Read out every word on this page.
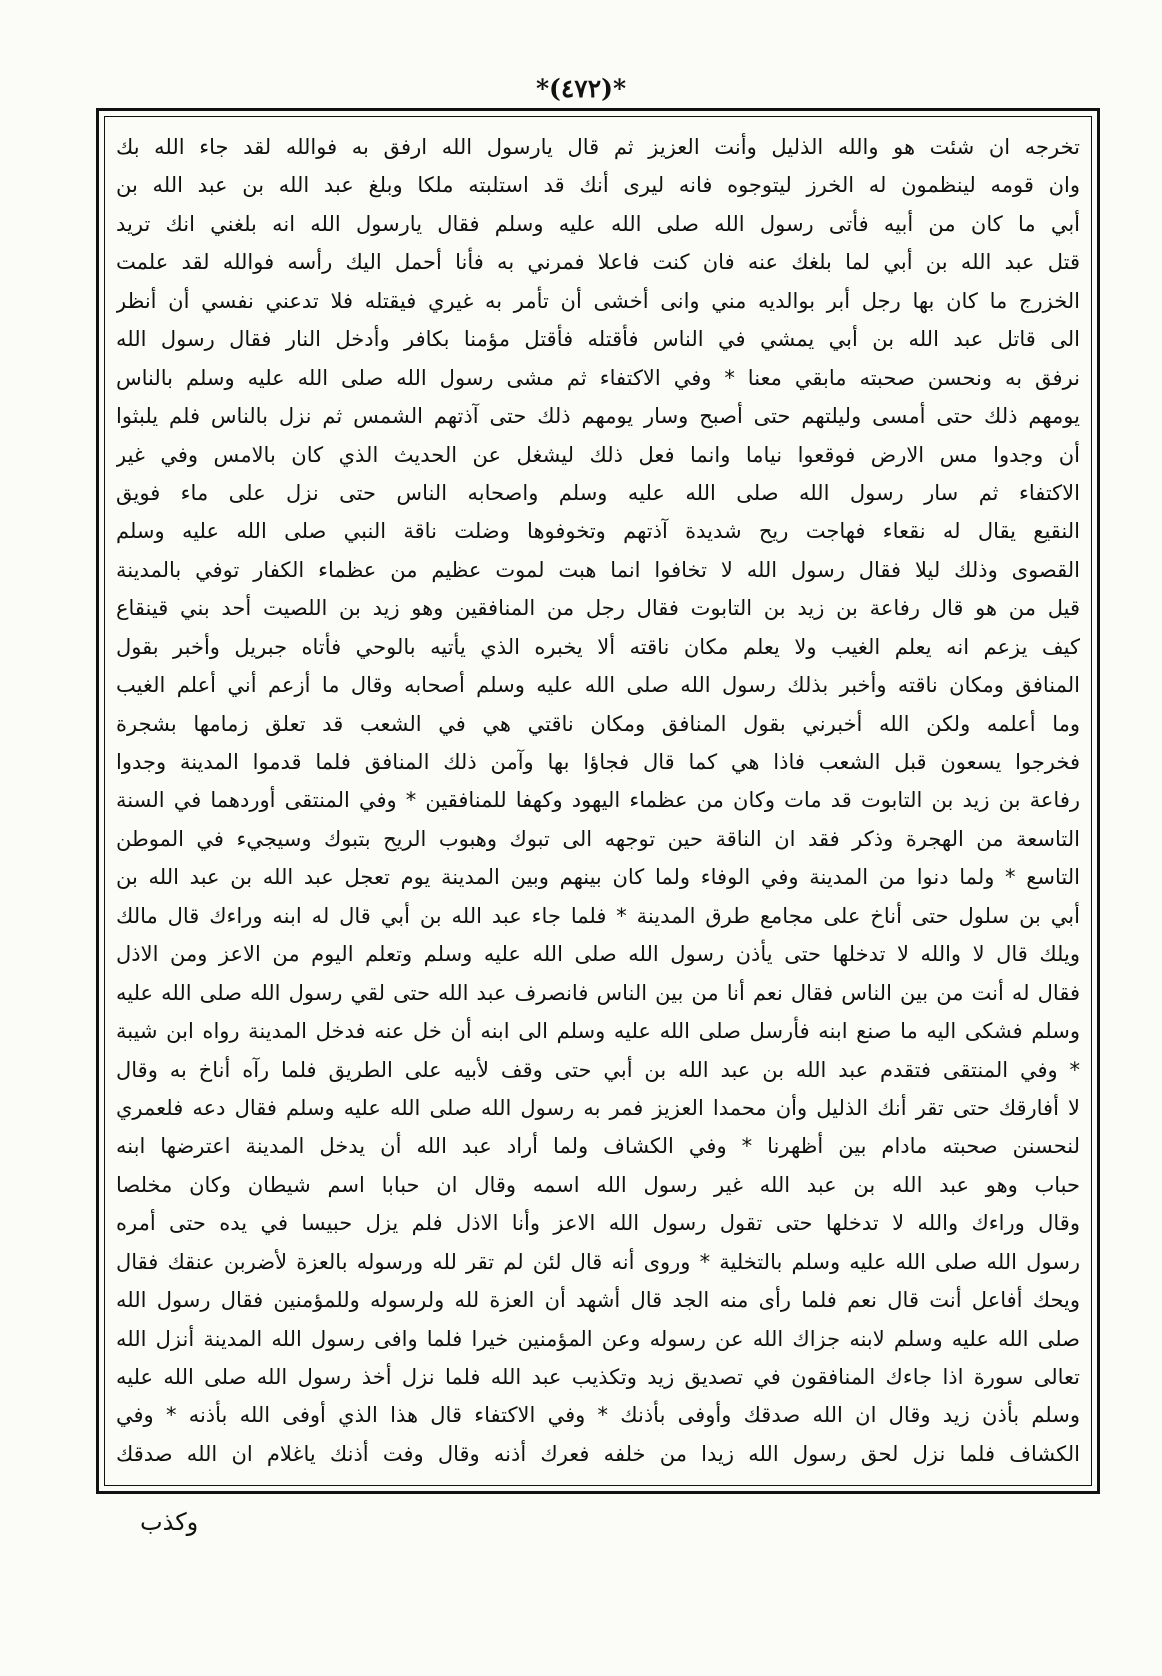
*(٤٧٢)*
تخرجه ان شئت هو والله الذليل وأنت العزيز ثم قال يارسول الله ارفق به فوالله لقد جاء الله بك
وان قومه لينظمون له الخرز ليتوجوه فانه ليرى أنك قد استلبته ملكا وبلغ عبد الله بن عبد الله بن
أبي ما كان من أبيه فأتى رسول الله صلى الله عليه وسلم فقال يارسول الله انه بلغني انك تريد
قتل عبد الله بن أبي لما بلغك عنه فان كنت فاعلا فمرني به فأنا أحمل اليك رأسه فوالله لقد علمت
الخزرج ما كان بها رجل أبر بوالديه مني وانى أخشى أن تأمر به غيري فيقتله فلا تدعني نفسي أن أنظر
الى قاتل عبد الله بن أبي يمشي في الناس فأقتله فأقتل مؤمنا بكافر وأدخل النار فقال رسول الله
نرفق به ونحسن صحبته مابقي معنا * وفي الاكتفاء ثم مشى رسول الله صلى الله عليه وسلم بالناس
يومهم ذلك حتى أمسى وليلتهم حتى أصبح وسار يومهم ذلك حتى آذتهم الشمس ثم نزل بالناس فلم يلبثوا
أن وجدوا مس الارض فوقعوا نياما وانما فعل ذلك ليشغل عن الحديث الذي كان بالامس وفي غير
الاكتفاء ثم سار رسول الله صلى الله عليه وسلم واصحابه الناس حتى نزل على ماء فويق
النقيع يقال له نقعاء فهاجت ريح شديدة آذتهم وتخوفوها وضلت ناقة النبي صلى الله عليه وسلم
القصوى وذلك ليلا فقال رسول الله لا تخافوا انما هبت لموت عظيم من عظماء الكفار توفي بالمدينة
قيل من هو قال رفاعة بن زيد بن التابوت فقال رجل من المنافقين وهو زيد بن اللصيت أحد بني قينقاع
كيف يزعم انه يعلم الغيب ولا يعلم مكان ناقته ألا يخبره الذي يأتيه بالوحي فأتاه جبريل وأخبر بقول
المنافق ومكان ناقته وأخبر بذلك رسول الله صلى الله عليه وسلم أصحابه وقال ما أزعم أني أعلم الغيب
وما أعلمه ولكن الله أخبرني بقول المنافق ومكان ناقتي هي في الشعب قد تعلق زمامها بشجرة
فخرجوا يسعون قبل الشعب فاذا هي كما قال فجاؤا بها وآمن ذلك المنافق فلما قدموا المدينة وجدوا
رفاعة بن زيد بن التابوت قد مات وكان من عظماء اليهود وكهفا للمنافقين * وفي المنتقى أوردهما في السنة
التاسعة من الهجرة وذكر فقد ان الناقة حين توجهه الى تبوك وهبوب الريح بتبوك وسيجيء في الموطن
التاسع * ولما دنوا من المدينة وفي الوفاء ولما كان بينهم وبين المدينة يوم تعجل عبد الله بن عبد الله بن
أبي بن سلول حتى أناخ على مجامع طرق المدينة * فلما جاء عبد الله بن أبي قال له ابنه وراءك قال مالك
ويلك قال لا والله لا تدخلها حتى يأذن رسول الله صلى الله عليه وسلم وتعلم اليوم من الاعز ومن الاذل
فقال له أنت من بين الناس فقال نعم أنا من بين الناس فانصرف عبد الله حتى لقي رسول الله صلى الله عليه
وسلم فشكى اليه ما صنع ابنه فأرسل صلى الله عليه وسلم الى ابنه أن خل عنه فدخل المدينة رواه ابن شيبة
* وفي المنتقى فتقدم عبد الله بن عبد الله بن أبي حتى وقف لأبيه على الطريق فلما رآه أناخ به وقال
لا أفارقك حتى تقر أنك الذليل وأن محمدا العزيز فمر به رسول الله صلى الله عليه وسلم فقال دعه فلعمري
لنحسنن صحبته مادام بين أظهرنا * وفي الكشاف ولما أراد عبد الله أن يدخل المدينة اعترضها ابنه
حباب وهو عبد الله بن عبد الله غير رسول الله اسمه وقال ان حبابا اسم شيطان وكان مخلصا
وقال وراءك والله لا تدخلها حتى تقول رسول الله الاعز وأنا الاذل فلم يزل حبيسا في يده حتى أمره
رسول الله صلى الله عليه وسلم بالتخلية * وروى أنه قال لئن لم تقر لله ورسوله بالعزة لأضربن عنقك فقال
ويحك أفاعل أنت قال نعم فلما رأى منه الجد قال أشهد أن العزة لله ولرسوله وللمؤمنين فقال رسول الله
صلى الله عليه وسلم لابنه جزاك الله عن رسوله وعن المؤمنين خيرا فلما وافى رسول الله المدينة أنزل الله
تعالى سورة اذا جاءك المنافقون في تصديق زيد وتكذيب عبد الله فلما نزل أخذ رسول الله صلى الله عليه
وسلم بأذن زيد وقال ان الله صدقك وأوفى بأذنك * وفي الاكتفاء قال هذا الذي أوفى الله بأذنه * وفي
الكشاف فلما نزل لحق رسول الله زيدا من خلفه فعرك أذنه وقال وفت أذنك ياغلام ان الله صدقك
وكذب
